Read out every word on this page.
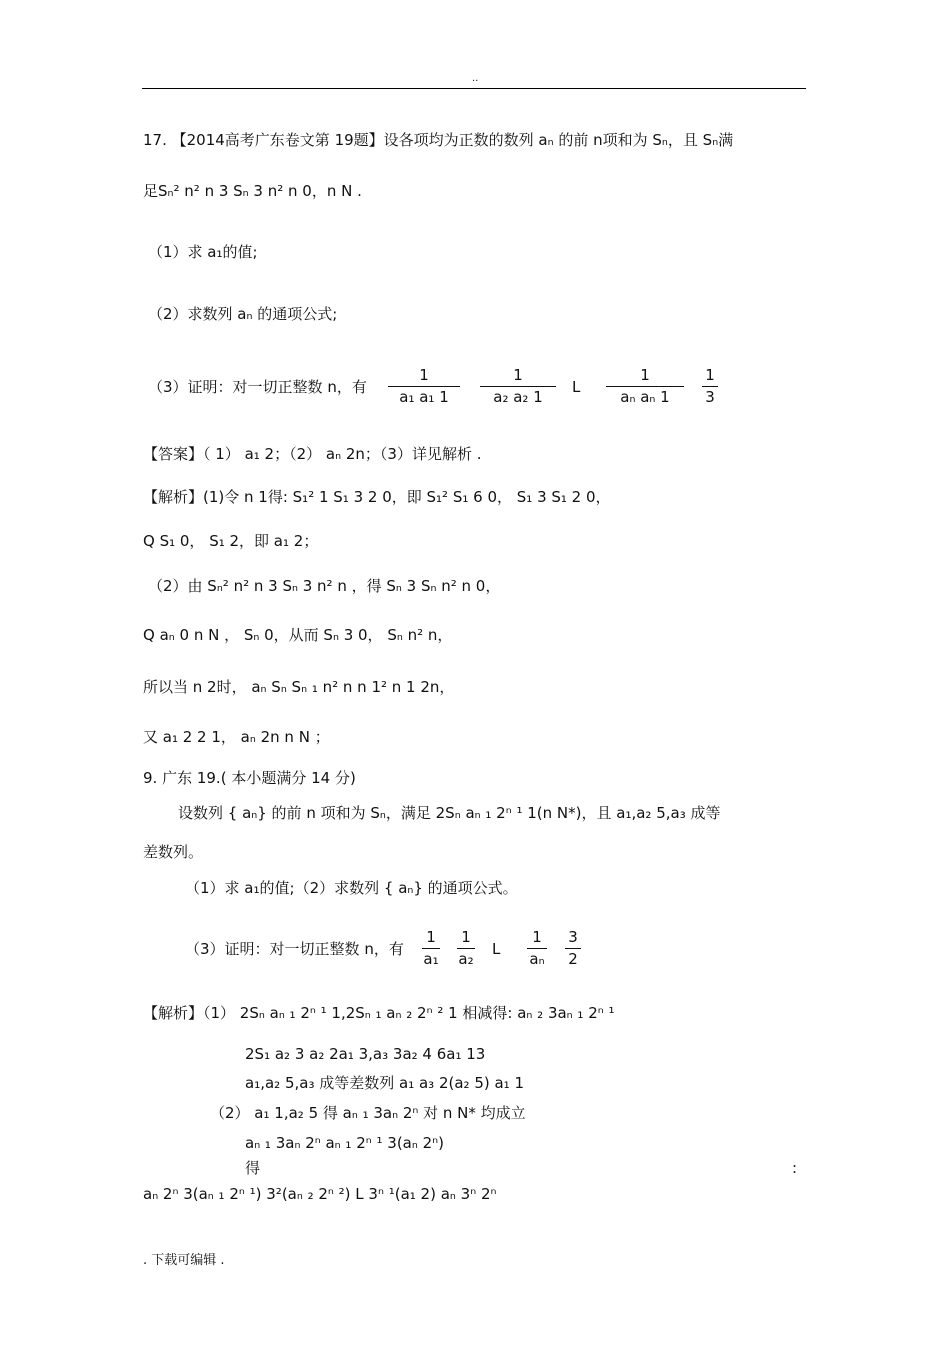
..
17. 【2014高考广东卷文第 19题】设各项均为正数的数列 aₙ 的前 n项和为 Sₙ，且 Sₙ满
足Sₙ² n² n 3 Sₙ 3 n² n 0，n N .
（1）求 a₁的值;
（2）求数列 aₙ 的通项公式;
（3）证明：对一切正整数 n，有
1
a₁ a₁ 1
1
a₂ a₂ 1
L
1
aₙ aₙ 1
1
3
【答案】（ 1） a₁ 2；（2） aₙ 2n；（3）详见解析 .
【解析】(1)令 n 1得: S₁² 1 S₁ 3 2 0，即 S₁² S₁ 6 0， S₁ 3 S₁ 2 0，
Q S₁ 0， S₁ 2，即 a₁ 2；
（2）由 Sₙ² n² n 3 Sₙ 3 n² n ，得 Sₙ 3 Sₙ n² n 0，
Q aₙ 0 n N ， Sₙ 0，从而 Sₙ 3 0， Sₙ n² n，
所以当 n 2时， aₙ Sₙ Sₙ ₁ n² n n 1² n 1 2n，
又 a₁ 2 2 1， aₙ 2n n N ；
9. 广东 19.( 本小题满分 14 分)
设数列 { aₙ} 的前 n 项和为 Sₙ，满足 2Sₙ aₙ ₁ 2ⁿ ¹ 1(n N*)，且 a₁,a₂ 5,a₃ 成等
差数列。
（1）求 a₁的值;（2）求数列 { aₙ} 的通项公式。
（3）证明：对一切正整数 n，有
1
a₁
1
a₂
L
1
aₙ
3
2
【解析】（1） 2Sₙ aₙ ₁ 2ⁿ ¹ 1,2Sₙ ₁ aₙ ₂ 2ⁿ ² 1 相减得: aₙ ₂ 3aₙ ₁ 2ⁿ ¹
2S₁ a₂ 3 a₂ 2a₁ 3,a₃ 3a₂ 4 6a₁ 13
a₁,a₂ 5,a₃ 成等差数列 a₁ a₃ 2(a₂ 5) a₁ 1
（2） a₁ 1,a₂ 5 得 aₙ ₁ 3aₙ 2ⁿ 对 n N* 均成立
aₙ ₁ 3aₙ 2ⁿ aₙ ₁ 2ⁿ ¹ 3(aₙ 2ⁿ)
得	:
aₙ 2ⁿ 3(aₙ ₁ 2ⁿ ¹) 3²(aₙ ₂ 2ⁿ ²) L 3ⁿ ¹(a₁ 2) aₙ 3ⁿ 2ⁿ
. 下载可编辑 .
